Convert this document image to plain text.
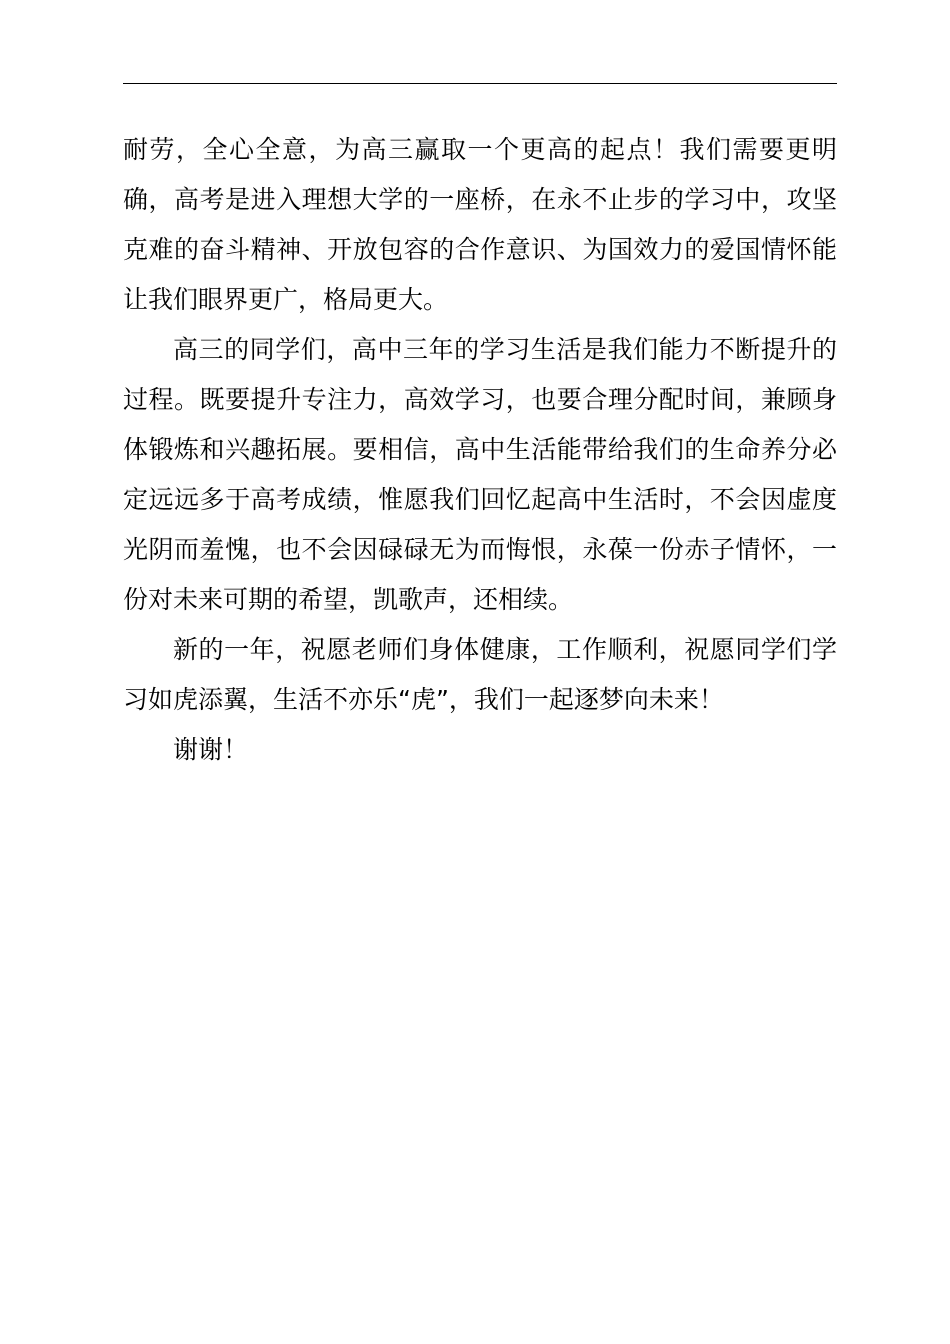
耐劳，全心全意，为高三赢取一个更高的起点！我们需要更明确，高考是进入理想大学的一座桥，在永不止步的学习中，攻坚克难的奋斗精神、开放包容的合作意识、为国效力的爱国情怀能让我们眼界更广，格局更大。

高三的同学们，高中三年的学习生活是我们能力不断提升的过程。既要提升专注力，高效学习，也要合理分配时间，兼顾身体锻炼和兴趣拓展。要相信，高中生活能带给我们的生命养分必定远远多于高考成绩，惟愿我们回忆起高中生活时，不会因虚度光阴而羞愧，也不会因碌碌无为而悔恨，永葆一份赤子情怀，一份对未来可期的希望，凯歌声，还相续。

新的一年，祝愿老师们身体健康，工作顺利，祝愿同学们学习如虎添翼，生活不亦乐“虎”，我们一起逐梦向未来！

谢谢！
